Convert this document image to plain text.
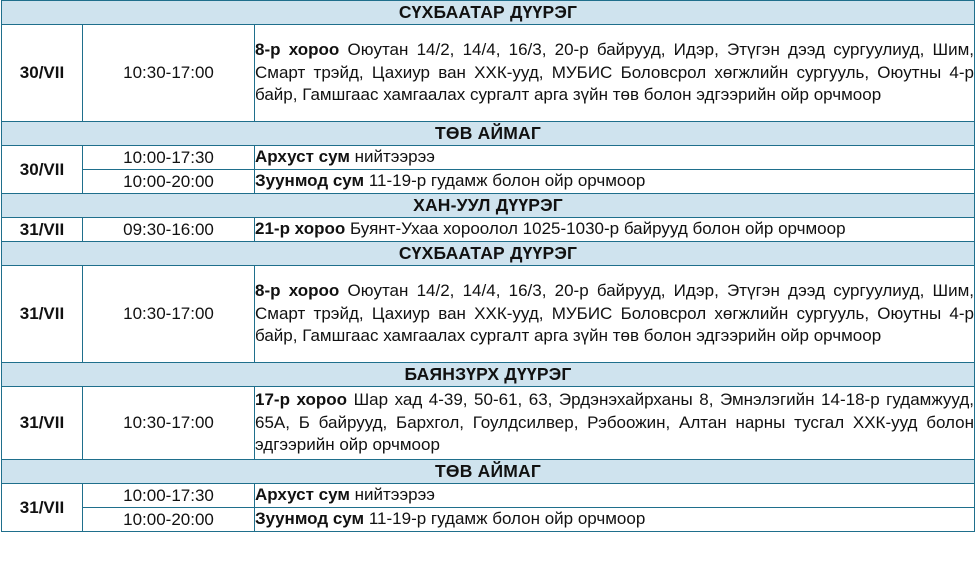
СҮХБААТАР ДҮҮРЭГ		
30/VII	10:30-17:00	8-р хороо Оюутан 14/2, 14/4, 16/3, 20-р байрууд, Идэр, Этүгэн дээд сургуулиуд, Шим, Смарт трэйд, Цахиур ван ХХК-ууд, МУБИС Боловсрол хөгжлийн сургууль, Оюутны 4-р байр, Гамшгаас хамгаалах сургалт арга зүйн төв болон эдгээрийн ойр орчмоор
ТӨВ АЙМАГ		
30/VII	10:00-17:30	Архуст сум нийтээрээ
	10:00-20:00	Зуунмод сум 11-19-р гудамж болон ойр орчмоор
ХАН-УУЛ ДҮҮРЭГ		
31/VII	09:30-16:00	21-р хороо Буянт-Ухаа хороолол 1025-1030-р байрууд болон ойр орчмоор
СҮХБААТАР ДҮҮРЭГ		
31/VII	10:30-17:00	8-р хороо Оюутан 14/2, 14/4, 16/3, 20-р байрууд, Идэр, Этүгэн дээд сургуулиуд, Шим, Смарт трэйд, Цахиур ван ХХК-ууд, МУБИС Боловсрол хөгжлийн сургууль, Оюутны 4-р байр, Гамшгаас хамгаалах сургалт арга зүйн төв болон эдгээрийн ойр орчмоор
БАЯНЗҮРХ ДҮҮРЭГ		
31/VII	10:30-17:00	17-р хороо Шар хад 4-39, 50-61, 63, Эрдэнэхайрханы 8, Эмнэлэгийн 14-18-р гудамжууд, 65А, Б байрууд, Бархгол, Гоулдсилвер, Рэбоожин, Алтан нарны тусгал ХХК-ууд болон эдгээрийн ойр орчмоор
ТӨВ АЙМАГ		
31/VII	10:00-17:30	Архуст сум нийтээрээ
	10:00-20:00	Зуунмод сум 11-19-р гудамж болон ойр орчмоор
